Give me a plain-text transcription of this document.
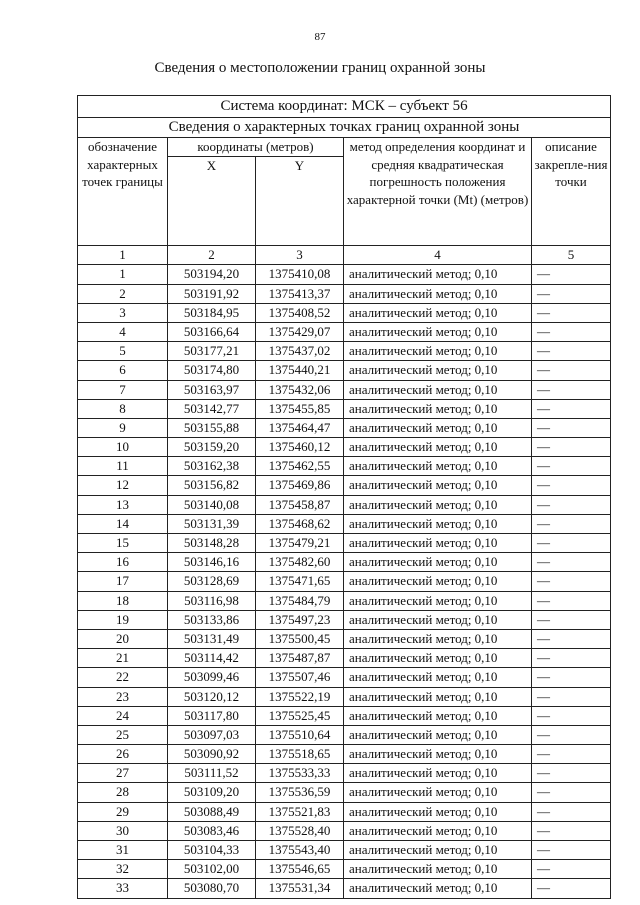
87
Сведения о местоположении границ охранной зоны
Система координат: МСК – субъект 56				
Сведения о характерных точках границ охранной зоны				
обозначение характерных точек границы	координаты (метров)		метод определения координат и средняя квадратическая погрешность положения характерной точки (Mt) (метров)	описание закрепле-ния точки
	X	Y		
1	2	3	4	5
1	503194,20	1375410,08	аналитический метод; 0,10	—
2	503191,92	1375413,37	аналитический метод; 0,10	—
3	503184,95	1375408,52	аналитический метод; 0,10	—
4	503166,64	1375429,07	аналитический метод; 0,10	—
5	503177,21	1375437,02	аналитический метод; 0,10	—
6	503174,80	1375440,21	аналитический метод; 0,10	—
7	503163,97	1375432,06	аналитический метод; 0,10	—
8	503142,77	1375455,85	аналитический метод; 0,10	—
9	503155,88	1375464,47	аналитический метод; 0,10	—
10	503159,20	1375460,12	аналитический метод; 0,10	—
11	503162,38	1375462,55	аналитический метод; 0,10	—
12	503156,82	1375469,86	аналитический метод; 0,10	—
13	503140,08	1375458,87	аналитический метод; 0,10	—
14	503131,39	1375468,62	аналитический метод; 0,10	—
15	503148,28	1375479,21	аналитический метод; 0,10	—
16	503146,16	1375482,60	аналитический метод; 0,10	—
17	503128,69	1375471,65	аналитический метод; 0,10	—
18	503116,98	1375484,79	аналитический метод; 0,10	—
19	503133,86	1375497,23	аналитический метод; 0,10	—
20	503131,49	1375500,45	аналитический метод; 0,10	—
21	503114,42	1375487,87	аналитический метод; 0,10	—
22	503099,46	1375507,46	аналитический метод; 0,10	—
23	503120,12	1375522,19	аналитический метод; 0,10	—
24	503117,80	1375525,45	аналитический метод; 0,10	—
25	503097,03	1375510,64	аналитический метод; 0,10	—
26	503090,92	1375518,65	аналитический метод; 0,10	—
27	503111,52	1375533,33	аналитический метод; 0,10	—
28	503109,20	1375536,59	аналитический метод; 0,10	—
29	503088,49	1375521,83	аналитический метод; 0,10	—
30	503083,46	1375528,40	аналитический метод; 0,10	—
31	503104,33	1375543,40	аналитический метод; 0,10	—
32	503102,00	1375546,65	аналитический метод; 0,10	—
33	503080,70	1375531,34	аналитический метод; 0,10	—
